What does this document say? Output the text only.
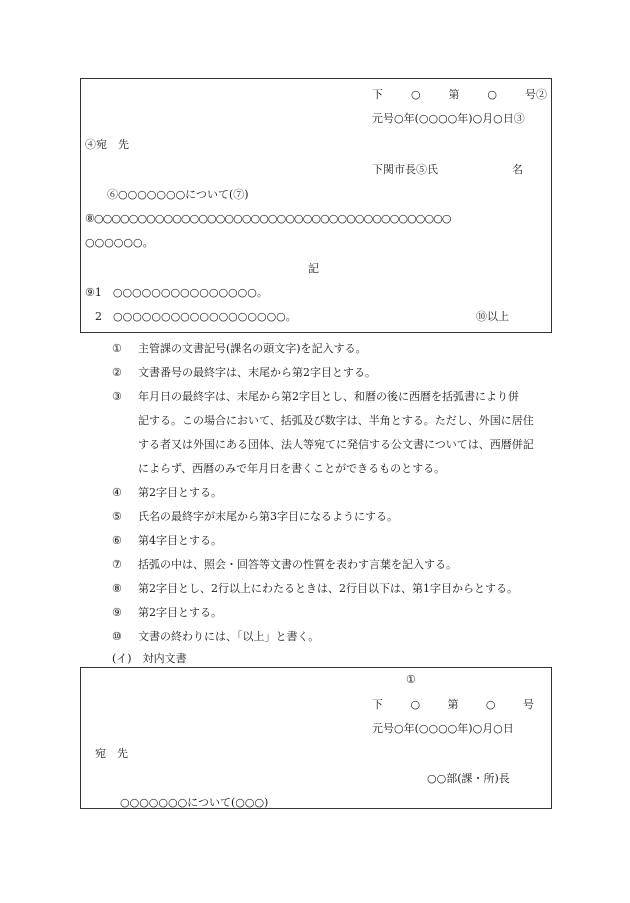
下	○	第	○	号②
元号○年(○○○○年)○月○日③
④宛　先
下関市長⑤氏	名
⑥○○○○○○○について(⑦)
⑧○○○○○○○○○○○○○○○○○○○○○○○○○○○○○○○○○○○○○○○○○
○○○○○○。
記
⑨1　○○○○○○○○○○○○○○○。
2　○○○○○○○○○○○○○○○○○○。	⑩以上
① 主管課の文書記号(課名の頭文字)を記入する。
② 文書番号の最終字は、末尾から第2字目とする。
③ 年月日の最終字は、末尾から第2字目とし、和暦の後に西暦を括弧書により併
記する。この場合において、括弧及び数字は、半角とする。ただし、外国に居住
する者又は外国にある団体、法人等宛てに発信する公文書については、西暦併記
によらず、西暦のみで年月日を書くことができるものとする。
④ 第2字目とする。
⑤ 氏名の最終字が末尾から第3字目になるようにする。
⑥ 第4字目とする。
⑦ 括弧の中は、照会・回答等文書の性質を表わす言葉を記入する。
⑧ 第2字目とし、2行以上にわたるときは、2行目以下は、第1字目からとする。
⑨ 第2字目とする。
⑩ 文書の終わりには、「以上」と書く。
(イ)　対内文書
①
下 ○ 第 ○ 号
元号○年(○○○○年)○月○日
宛　先
○○部(課・所)長
○○○○○○○について(○○○)
